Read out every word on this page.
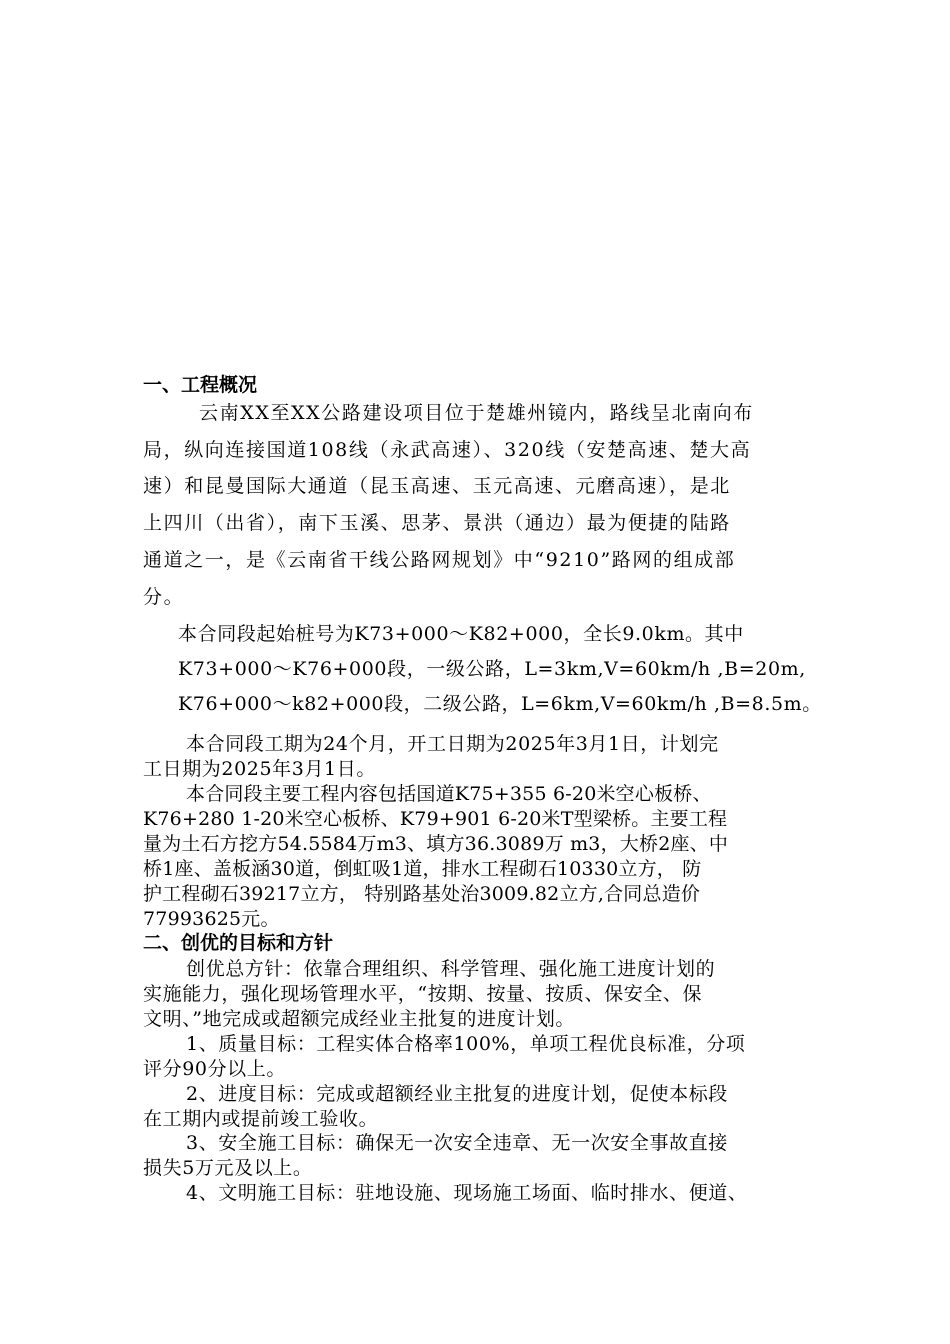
一、工程概况
云南XX至XX公路建设项目位于楚雄州镜内，路线呈北南向布
局，纵向连接国道108线（永武高速）、320线（安楚高速、楚大高
速）和昆曼国际大通道（昆玉高速、玉元高速、元磨高速），是北
上四川（出省），南下玉溪、思茅、景洪（通边）最为便捷的陆路
通道之一，是《云南省干线公路网规划》中“9210”路网的组成部
分。
本合同段起始桩号为K73+000～K82+000，全长9.0km。其中
K73+000～K76+000段，一级公路，L=3km,V=60km/h ,B=20m,
K76+000～k82+000段，二级公路，L=6km,V=60km/h ,B=8.5m。
本合同段工期为24个月，开工日期为2025年3月1日，计划完
工日期为2025年3月1日。
本合同段主要工程内容包括国道K75+355 6-20米空心板桥、
K76+280 1-20米空心板桥、K79+901 6-20米T型梁桥。主要工程
量为土石方挖方54.5584万m3、填方36.3089万 m3，大桥2座、中
桥1座、盖板涵30道，倒虹吸1道，排水工程砌石10330立方， 防
护工程砌石39217立方， 特别路基处治3009.82立方,合同总造价
77993625元。
二、创优的目标和方针
创优总方针：依靠合理组织、科学管理、强化施工进度计划的
实施能力，强化现场管理水平，“按期、按量、按质、保安全、保
文明、”地完成或超额完成经业主批复的进度计划。
1、质量目标：工程实体合格率100%，单项工程优良标准，分项
评分90分以上。
2、进度目标：完成或超额经业主批复的进度计划，促使本标段
在工期内或提前竣工验收。
3、安全施工目标：确保无一次安全违章、无一次安全事故直接
损失5万元及以上。
4、文明施工目标：驻地设施、现场施工场面、临时排水、便道、
